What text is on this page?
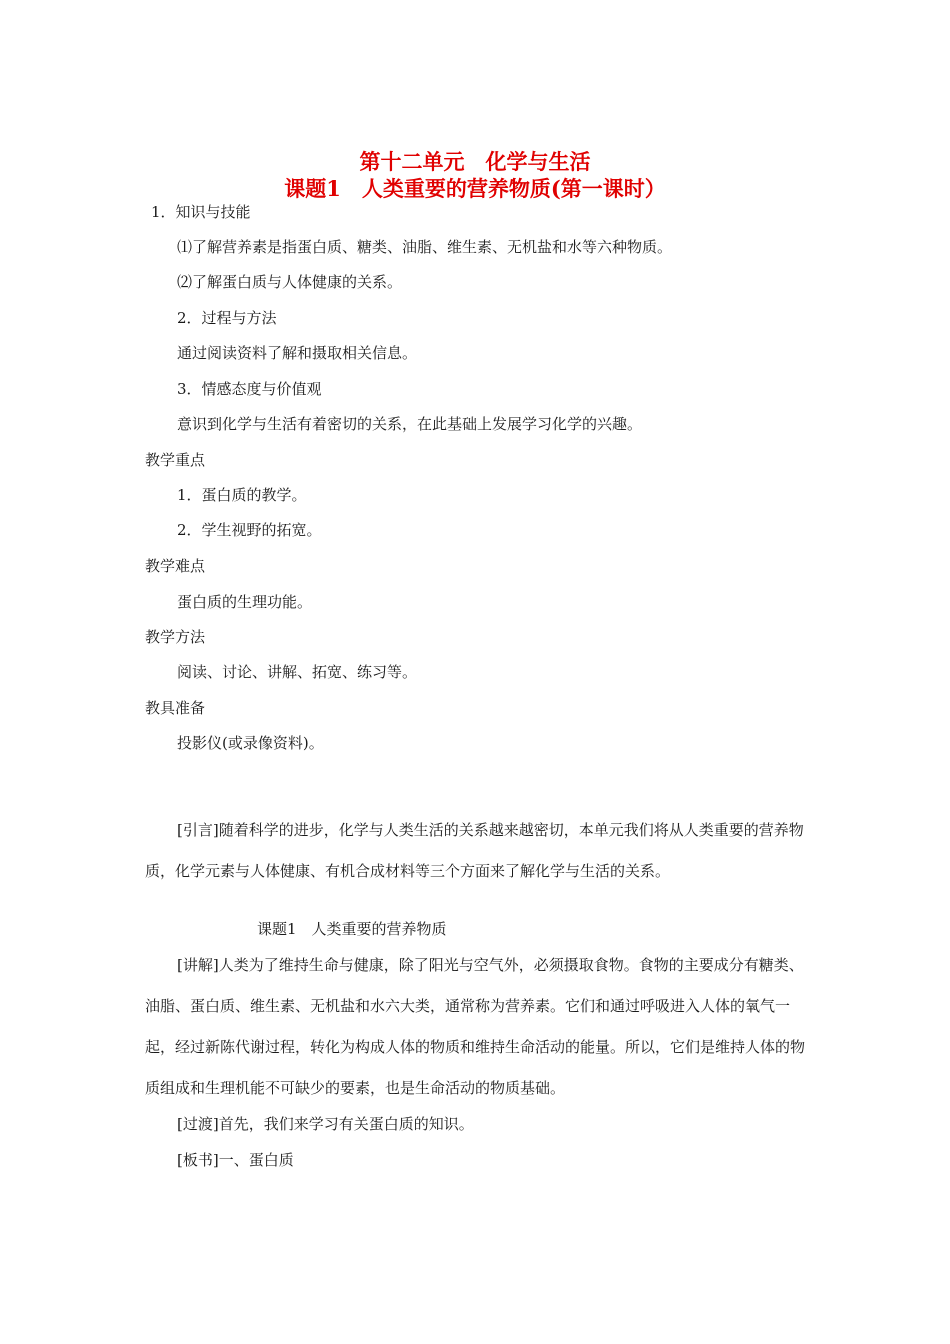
第十二单元　化学与生活
课题1　人类重要的营养物质(第一课时）
1．知识与技能
⑴了解营养素是指蛋白质、糖类、油脂、维生素、无机盐和水等六种物质。
⑵了解蛋白质与人体健康的关系。
2．过程与方法
通过阅读资料了解和摄取相关信息。
3．情感态度与价值观
意识到化学与生活有着密切的关系，在此基础上发展学习化学的兴趣。
教学重点
1．蛋白质的教学。
2．学生视野的拓宽。
教学难点
蛋白质的生理功能。
教学方法
阅读、讨论、讲解、拓宽、练习等。
教具准备
投影仪(或录像资料)。
[引言]随着科学的进步，化学与人类生活的关系越来越密切，本单元我们将从人类重要的营养物质，化学元素与人体健康、有机合成材料等三个方面来了解化学与生活的关系。
课题1　人类重要的营养物质
[讲解]人类为了维持生命与健康，除了阳光与空气外，必须摄取食物。食物的主要成分有糖类、油脂、蛋白质、维生素、无机盐和水六大类，通常称为营养素。它们和通过呼吸进入人体的氧气一起，经过新陈代谢过程，转化为构成人体的物质和维持生命活动的能量。所以，它们是维持人体的物质组成和生理机能不可缺少的要素，也是生命活动的物质基础。
[过渡]首先，我们来学习有关蛋白质的知识。
[板书]一、蛋白质
